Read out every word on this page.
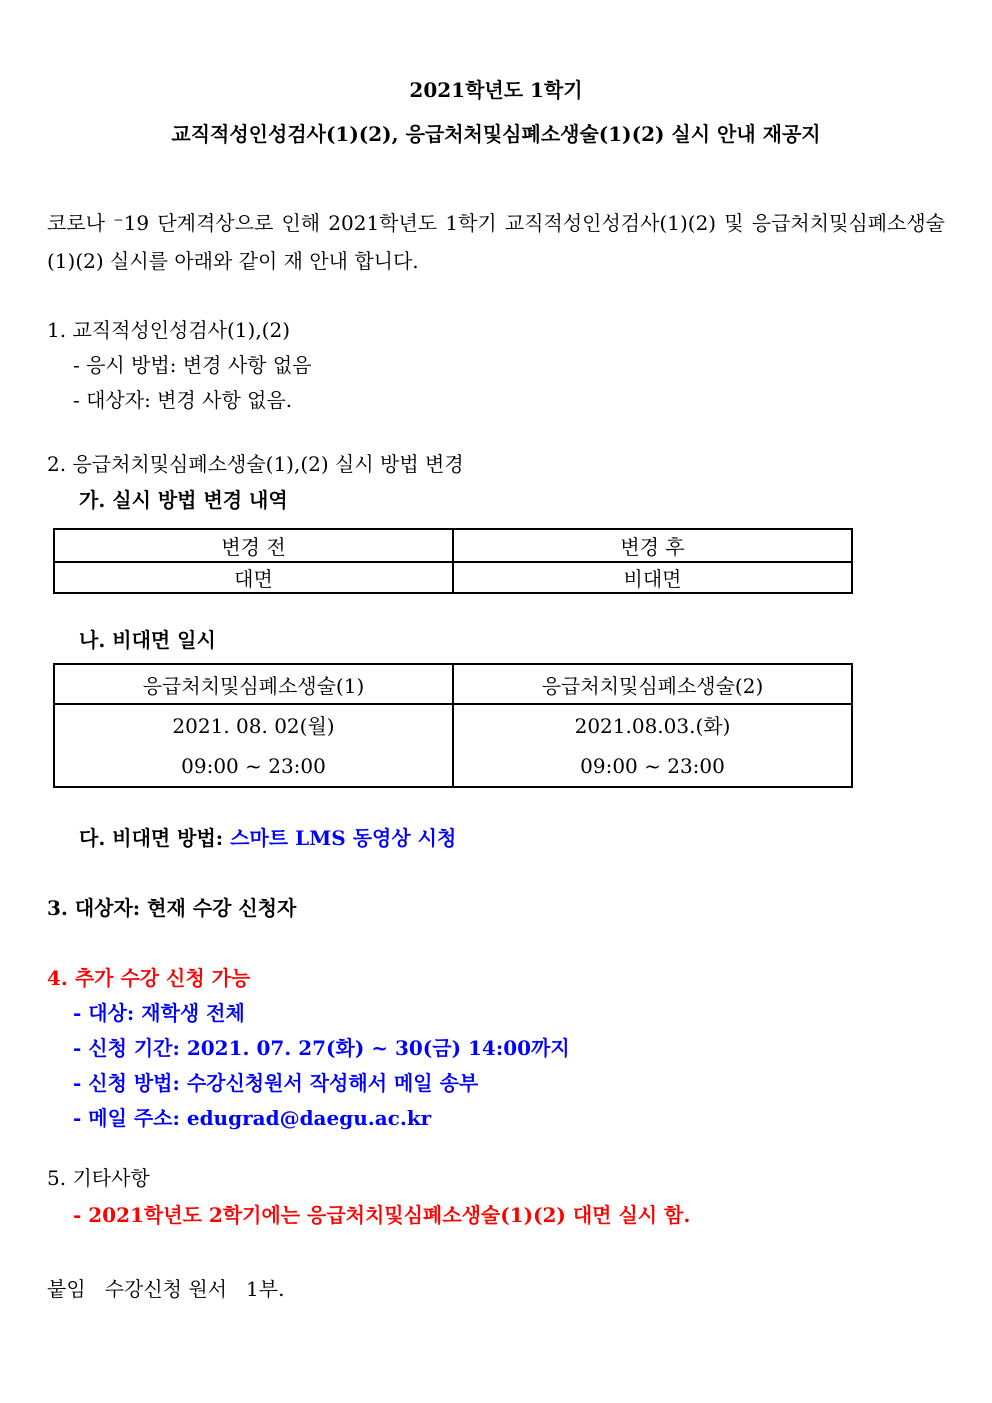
2021학년도 1학기
교직적성인성검사(1)(2), 응급처처및심폐소생술(1)(2) 실시 안내 재공지
코로나 ⁻19 단계격상으로 인해 2021학년도 1학기 교직적성인성검사(1)(2) 및 응급처치및심폐소생술(1)(2) 실시를 아래와 같이 재 안내 합니다.
1. 교직적성인성검사(1),(2)
- 응시 방법: 변경 사항 없음
- 대상자: 변경 사항 없음.
2. 응급처치및심폐소생술(1),(2) 실시 방법 변경
가. 실시 방법 변경 내역
변경 전	변경 후
대면	비대면
나. 비대면 일시
응급처치및심폐소생술(1)	응급처치및심폐소생술(2)

2021. 08. 02(월)
09:00 ~ 23:00

2021.08.03.(화)
09:00 ~ 23:00
다. 비대면 방법: 스마트 LMS 동영상 시청
3. 대상자: 현재 수강 신청자
4. 추가 수강 신청 가능
- 대상: 재학생 전체
- 신청 기간: 2021. 07. 27(화) ~ 30(금) 14:00까지
- 신청 방법: 수강신청원서 작성해서 메일 송부
- 메일 주소: edugrad@daegu.ac.kr
5. 기타사항
- 2021학년도 2학기에는 응급처치및심폐소생술(1)(2) 대면 실시 함.
붙임   수강신청 원서   1부.
